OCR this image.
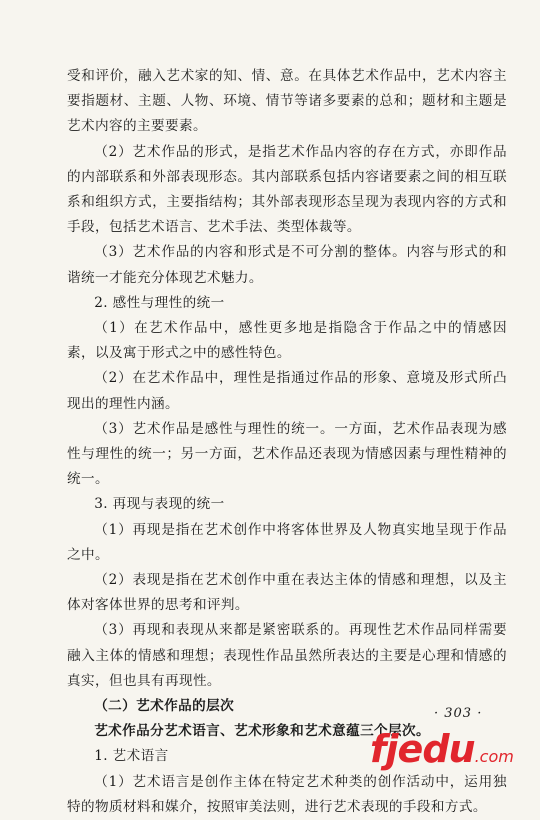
受和评价，融入艺术家的知、情、意。在具体艺术作品中，艺术内容主要指题材、主题、人物、环境、情节等诸多要素的总和；题材和主题是艺术内容的主要要素。

（2）艺术作品的形式，是指艺术作品内容的存在方式，亦即作品的内部联系和外部表现形态。其内部联系包括内容诸要素之间的相互联系和组织方式，主要指结构；其外部表现形态呈现为表现内容的方式和手段，包括艺术语言、艺术手法、类型体裁等。

（3）艺术作品的内容和形式是不可分割的整体。内容与形式的和谐统一才能充分体现艺术魅力。

2. 感性与理性的统一

（1）在艺术作品中，感性更多地是指隐含于作品之中的情感因素，以及寓于形式之中的感性特色。

（2）在艺术作品中，理性是指通过作品的形象、意境及形式所凸现出的理性内涵。

（3）艺术作品是感性与理性的统一。一方面，艺术作品表现为感性与理性的统一；另一方面，艺术作品还表现为情感因素与理性精神的统一。

3. 再现与表现的统一

（1）再现是指在艺术创作中将客体世界及人物真实地呈现于作品之中。

（2）表现是指在艺术创作中重在表达主体的情感和理想，以及主体对客体世界的思考和评判。

（3）再现和表现从来都是紧密联系的。再现性艺术作品同样需要融入主体的情感和理想；表现性作品虽然所表达的主要是心理和情感的真实，但也具有再现性。

（二）艺术作品的层次

艺术作品分艺术语言、艺术形象和艺术意蕴三个层次。

1. 艺术语言

（1）艺术语言是创作主体在特定艺术种类的创作活动中，运用独特的物质材料和媒介，按照审美法则，进行艺术表现的手段和方式。

· 303 ·
fjedu.com
